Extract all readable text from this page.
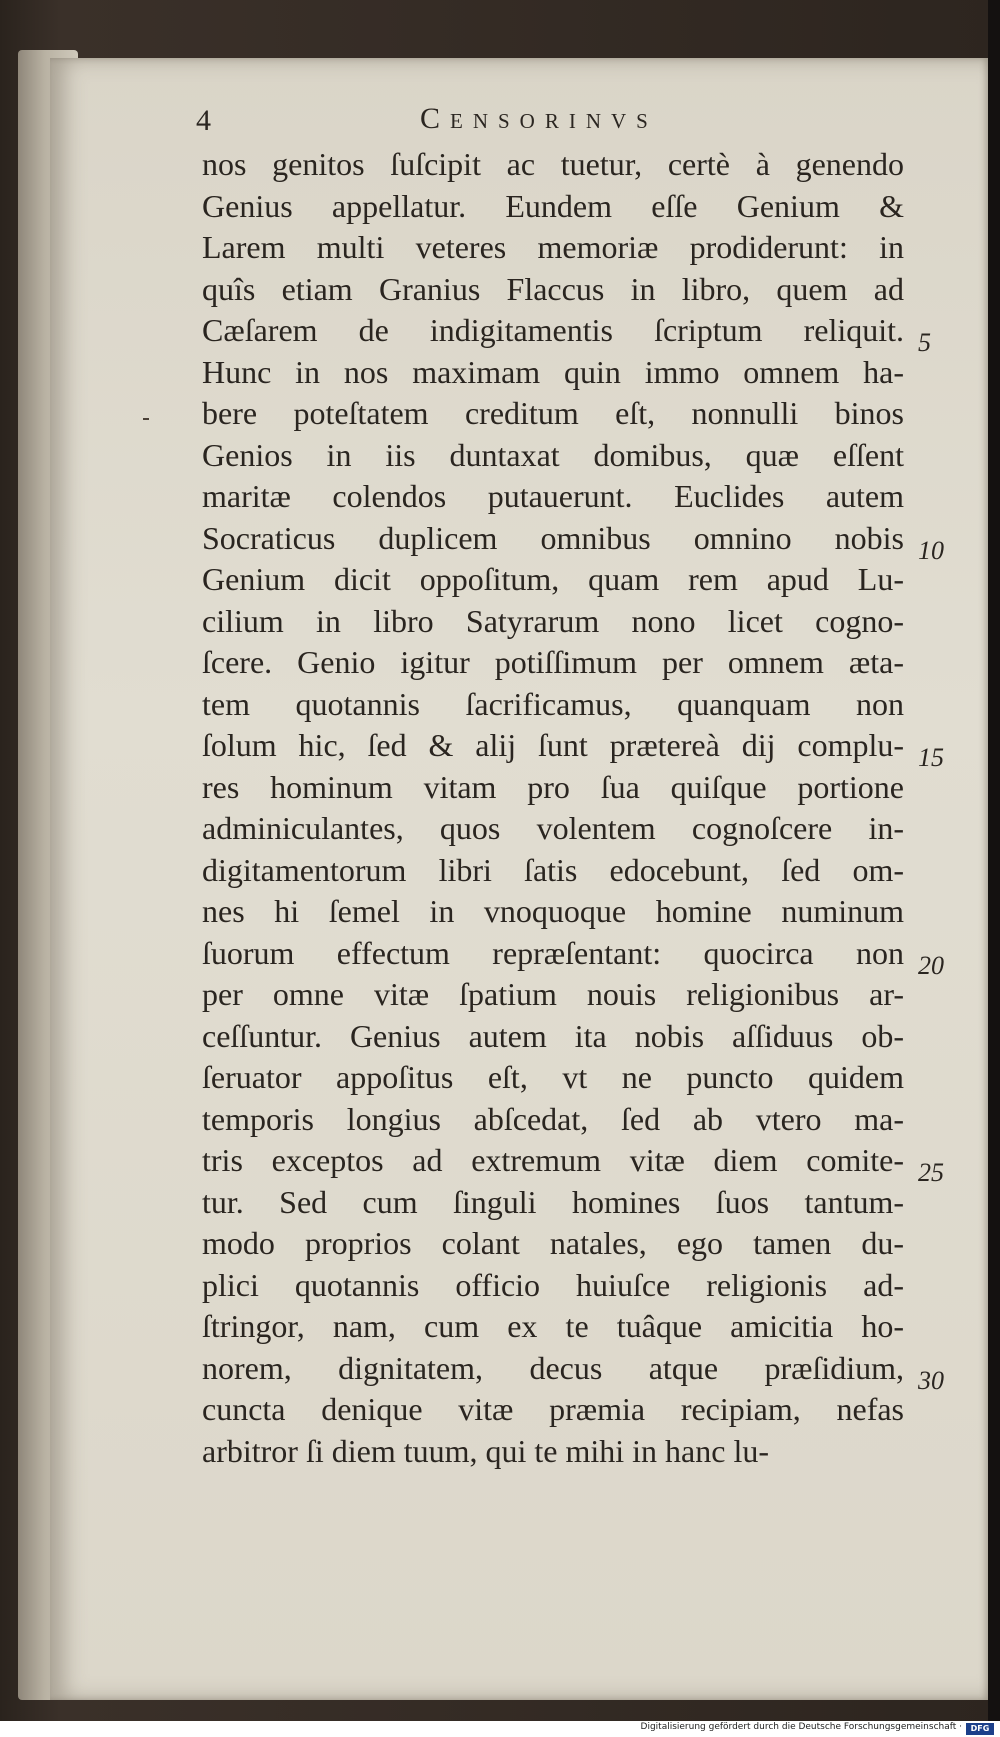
4	Censorinvs
nos genitos ſuſcipit ac tuetur, certè à genendo
Genius appellatur. Eundem eſſe Genium &
Larem multi veteres memoriæ prodiderunt: in
quîs etiam Granius Flaccus in libro, quem ad
Cæſarem de indigitamentis ſcriptum reliquit.
Hunc in nos maximam quin immo omnem ha-
bere poteſtatem creditum eſt, nonnulli binos
Genios in iis duntaxat domibus, quæ eſſent
maritæ colendos putauerunt. Euclides autem
Socraticus duplicem omnibus omnino nobis
Genium dicit oppoſitum, quam rem apud Lu-
cilium in libro Satyrarum nono licet cogno-
ſcere. Genio igitur potiſſimum per omnem æta-
tem quotannis ſacrificamus, quanquam non
ſolum hic, ſed & alij ſunt prætereà dij complu-
res hominum vitam pro ſua quiſque portione
adminiculantes, quos volentem cognoſcere in-
digitamentorum libri ſatis edocebunt, ſed om-
nes hi ſemel in vnoquoque homine numinum
ſuorum effectum repræſentant: quocirca non
per omne vitæ ſpatium nouis religionibus ar-
ceſſuntur. Genius autem ita nobis aſſiduus ob-
ſeruator appoſitus eſt, vt ne puncto quidem
temporis longius abſcedat, ſed ab vtero ma-
tris exceptos ad extremum vitæ diem comite-
tur. Sed cum ſinguli homines ſuos tantum-
modo proprios colant natales, ego tamen du-
plici quotannis officio huiuſce religionis ad-
ſtringor, nam, cum ex te tuâque amicitia ho-
norem, dignitatem, decus atque præſidium,
cuncta denique vitæ præmia recipiam, nefas
arbitror ſi diem tuum, qui te mihi in hanc lu-
5
10
15
20
25
30
Digitalisierung gefördert durch die Deutsche Forschungsgemeinschaft ·	DFG
